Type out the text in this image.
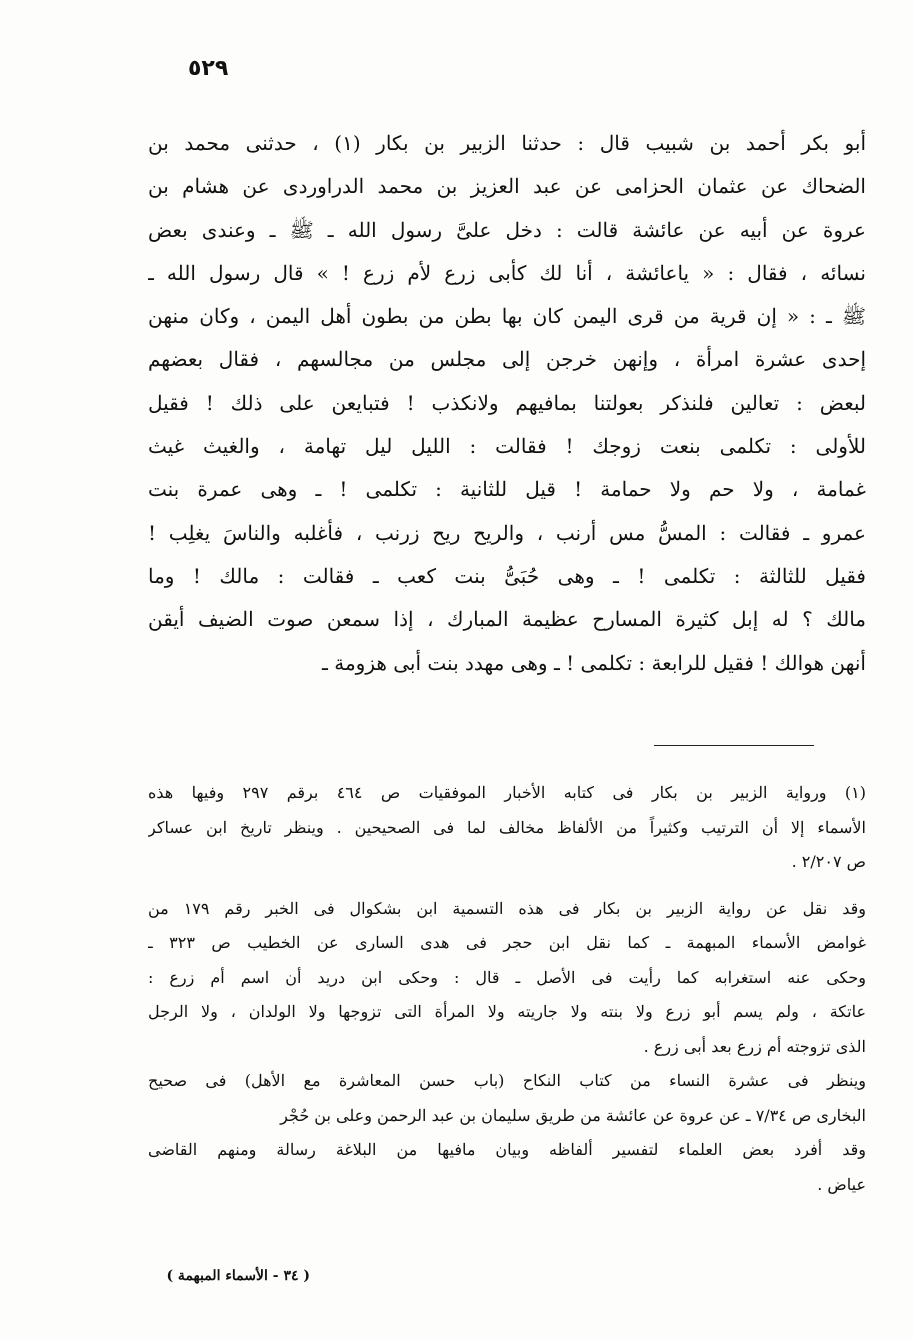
٥٢٩
أبو بكر أحمد بن شبيب قال : حدثنا الزبير بن بكار (١) ، حدثنى محمد بن
الضحاك عن عثمان الحزامى عن عبد العزيز بن محمد الدراوردى عن هشام بن
عروة عن أبيه عن عائشة قالت : دخل علىَّ رسول الله ـ ﷺ ـ وعندى بعض
نسائه ، فقال : « ياعائشة ، أنا لك كأبى زرع لأم زرع ! » قال رسول الله ـ
ﷺ ـ : « إن قرية من قرى اليمن كان بها بطن من بطون أهل اليمن ، وكان منهن
إحدى عشرة امرأة ، وإنهن خرجن إلى مجلس من مجالسهم ، فقال بعضهم
لبعض : تعالين فلنذكر بعولتنا بمافيهم ولانكذب ! فتبايعن على ذلك ! فقيل
للأولى : تكلمى بنعت زوجك ! فقالت : الليل ليل تهامة ، والغيث غيث
غمامة ، ولا حم ولا حمامة ! قيل للثانية : تكلمى ! ـ وهى عمرة بنت
عمرو ـ فقالت : المسُّ مس أرنب ، والريح ريح زرنب ، فأغلبه والناسَ يغلِب !
فقيل للثالثة : تكلمى ! ـ وهى حُبَىُّ بنت كعب ـ فقالت : مالك ! وما
مالك ؟ له إبل كثيرة المسارح عظيمة المبارك ، إذا سمعن صوت الضيف أيقن
أنهن هوالك ! فقيل للرابعة : تكلمى ! ـ وهى مهدد بنت أبى هزومة ـ
(١) ورواية الزبير بن بكار فى كتابه الأخبار الموفقيات ص ٤٦٤ برقم ٢٩٧ وفيها هذه
الأسماء إلا أن الترتيب وكثيراً من الألفاظ مخالف لما فى الصحيحين . وينظر تاريخ ابن عساكر
ص ٢/٢٠٧ .
وقد نقل عن رواية الزبير بن بكار فى هذه التسمية ابن بشكوال فى الخبر رقم ١٧٩ من
غوامض الأسماء المبهمة ـ كما نقل ابن حجر فى هدى السارى عن الخطيب ص ٣٢٣ ـ
وحكى عنه استغرابه كما رأيت فى الأصل ـ قال : وحكى ابن دريد أن اسم أم زرع :
عاتكة ، ولم يسم أبو زرع ولا بنته ولا جاريته ولا المرأة التى تزوجها ولا الولدان ، ولا الرجل
الذى تزوجته أم زرع بعد أبى زرع .
وينظر فى عشرة النساء من كتاب النكاح (باب حسن المعاشرة مع الأهل) فى صحيح
البخارى ص ٧/٣٤ ـ عن عروة عن عائشة من طريق سليمان بن عبد الرحمن وعلى بن حُجْر
وقد أفرد بعض العلماء لتفسير ألفاظه وبيان مافيها من البلاغة رسالة ومنهم القاضى
عياض .
( ٣٤ - الأسماء المبهمة )
